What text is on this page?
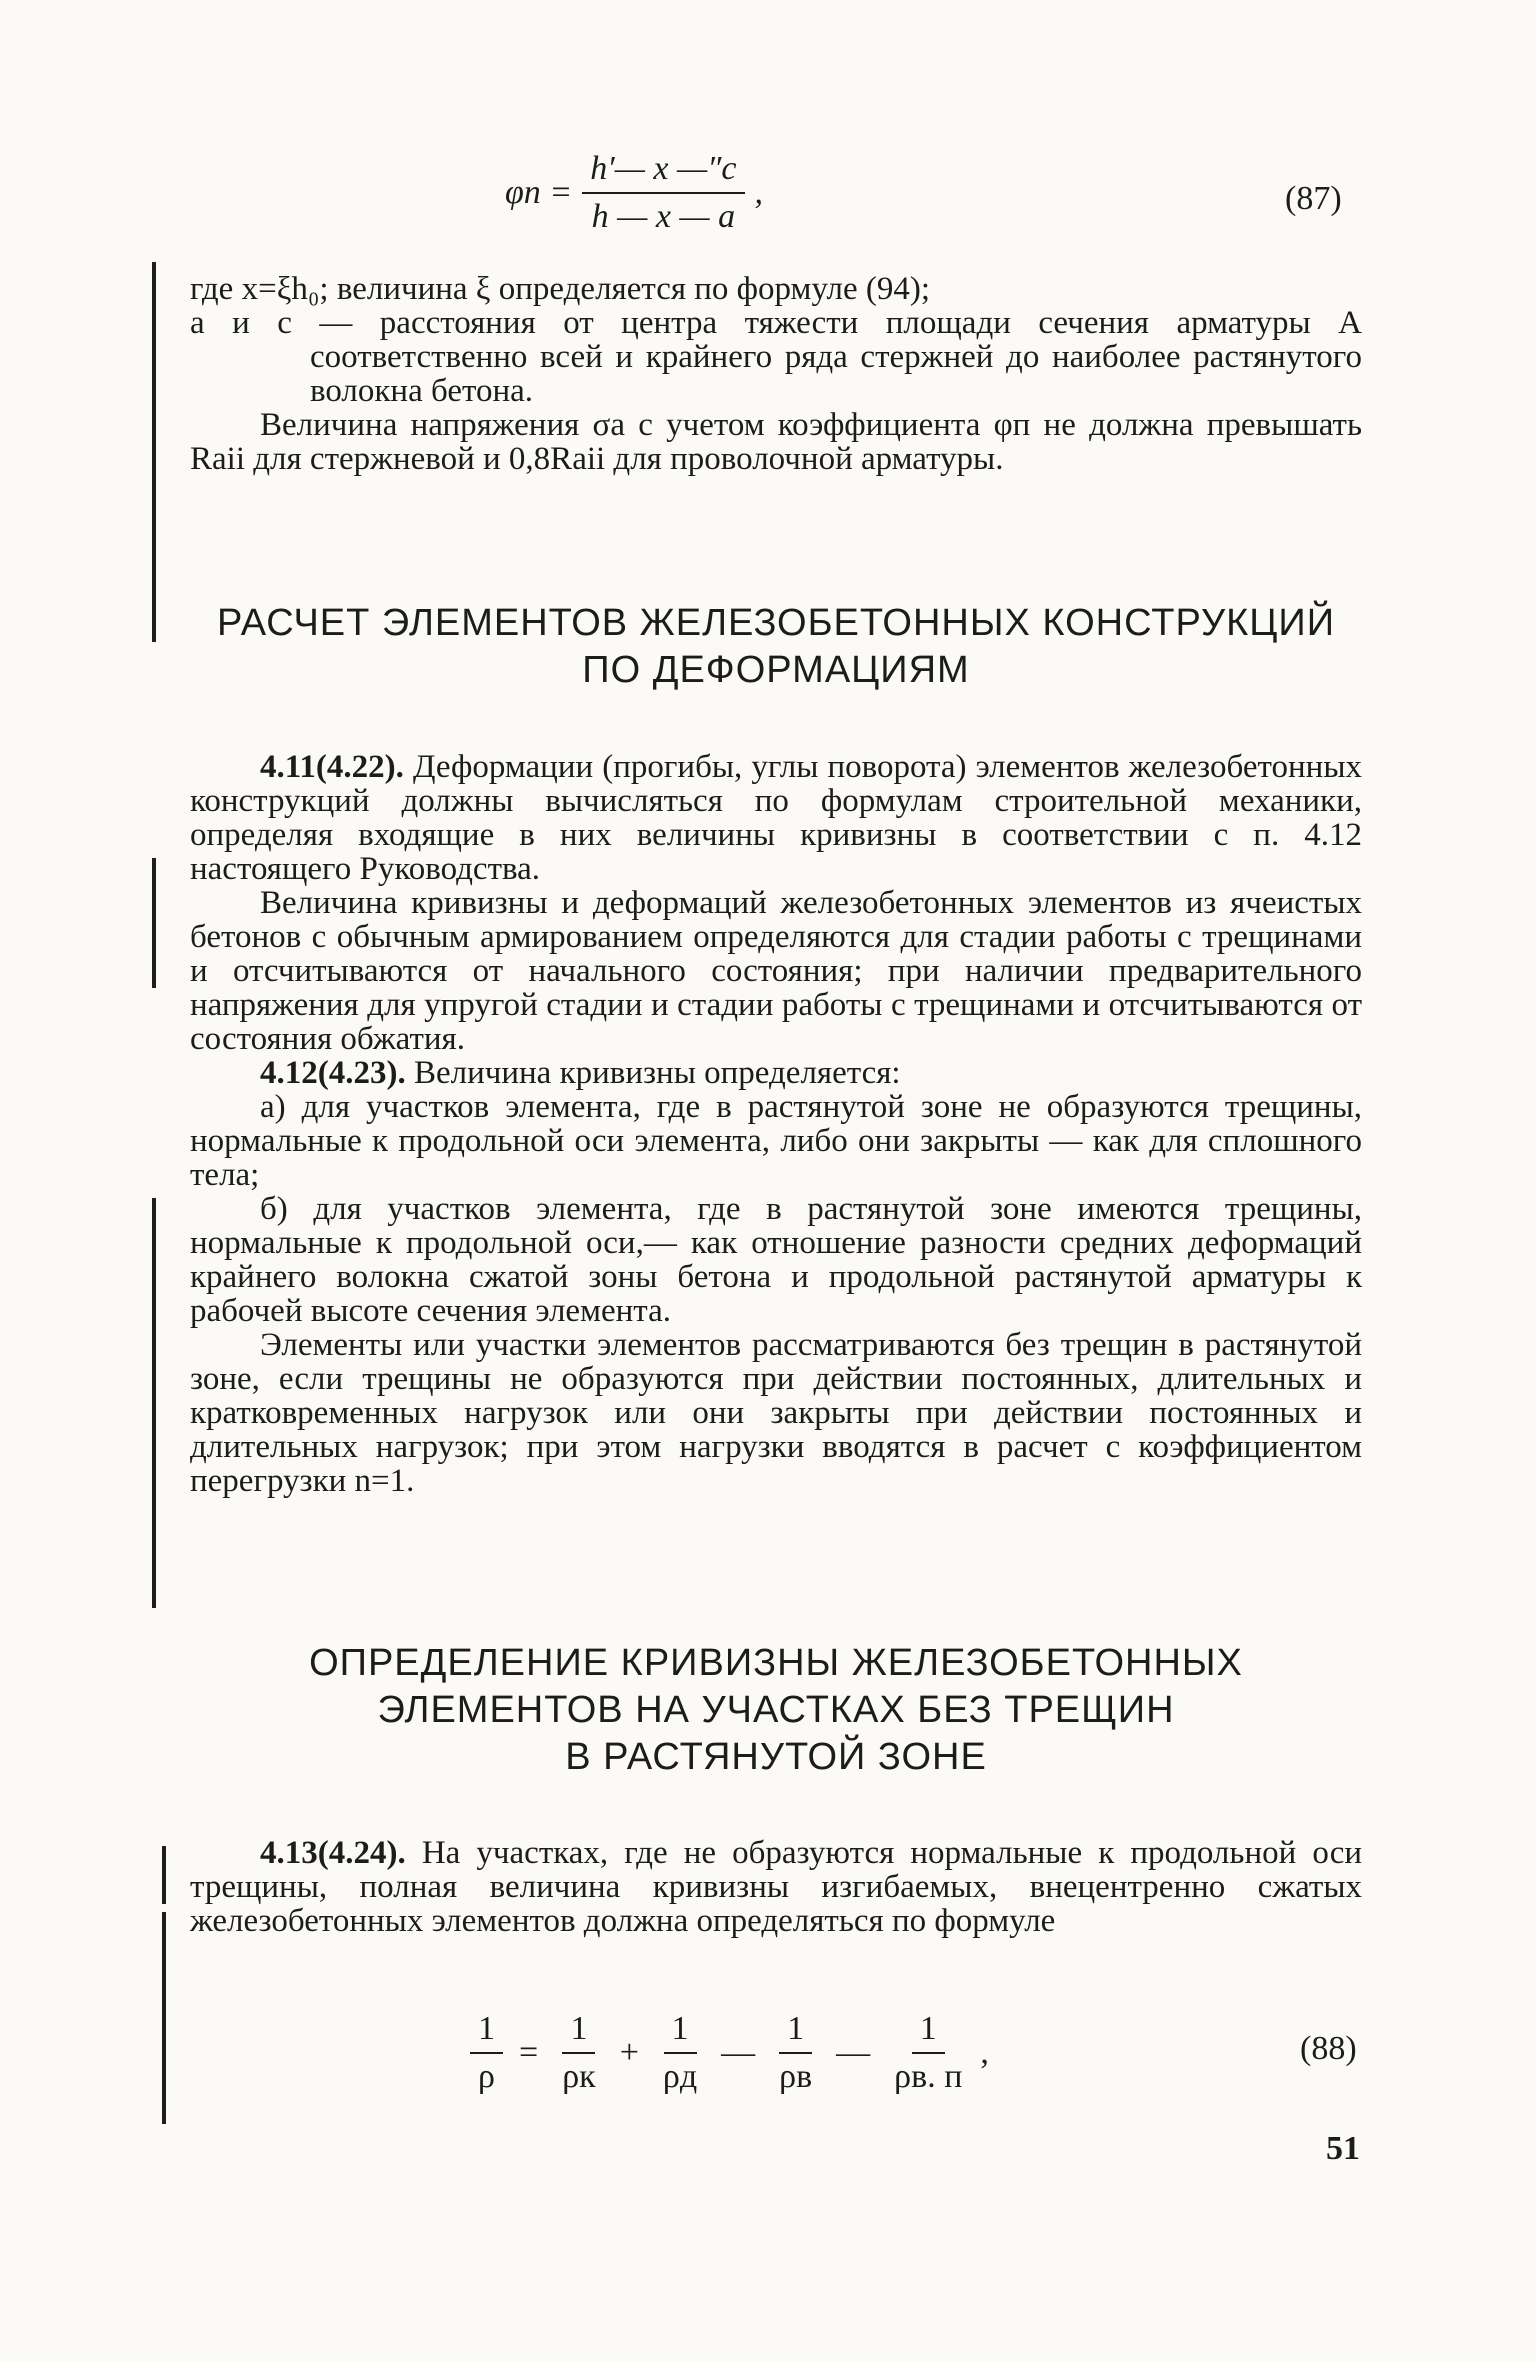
$\varphi п = \frac{h'— x —''c}{h — x — a}$ ,	(87)

где x=ξh₀; величина ξ определяется по формуле (94);

a и c — расстояния от центра тяжести площади сечения арматуры A соответственно всей и крайнего ряда стержней до наиболее растянутого волокна бетона.

Величина напряжения σа с учетом коэффициента φп не должна превышать Rаіі для стержневой и 0,8Rаіі для проволочной арматуры.

РАСЧЕТ ЭЛЕМЕНТОВ ЖЕЛЕЗОБЕТОННЫХ КОНСТРУКЦИЙ
ПО ДЕФОРМАЦИЯМ

4.11(4.22). Деформации (прогибы, углы поворота) элементов железобетонных конструкций должны вычисляться по формулам строительной механики, определяя входящие в них величины кривизны в соответствии с п. 4.12 настоящего Руководства.

Величина кривизны и деформаций железобетонных элементов из ячеистых бетонов с обычным армированием определяются для стадии работы с трещинами и отсчитываются от начального состояния; при наличии предварительного напряжения для упругой стадии и стадии работы с трещинами и отсчитываются от состояния обжатия.

4.12(4.23). Величина кривизны определяется:

а) для участков элемента, где в растянутой зоне не образуются трещины, нормальные к продольной оси элемента, либо они закрыты — как для сплошного тела;

б) для участков элемента, где в растянутой зоне имеются трещины, нормальные к продольной оси,— как отношение разности средних деформаций крайнего волокна сжатой зоны бетона и продольной растянутой арматуры к рабочей высоте сечения элемента.

Элементы или участки элементов рассматриваются без трещин в растянутой зоне, если трещины не образуются при действии постоянных, длительных и кратковременных нагрузок или они закрыты при действии постоянных и длительных нагрузок; при этом нагрузки вводятся в расчет с коэффициентом перегрузки n=1.

ОПРЕДЕЛЕНИЕ КРИВИЗНЫ ЖЕЛЕЗОБЕТОННЫХ
ЭЛЕМЕНТОВ НА УЧАСТКАХ БЕЗ ТРЕЩИН
В РАСТЯНУТОЙ ЗОНЕ

4.13(4.24). На участках, где не образуются нормальные к продольной оси трещины, полная величина кривизны изгибаемых, внецентренно сжатых железобетонных элементов должна определяться по формуле

$\frac{1}{\rho} = \frac{1}{\rho к} + \frac{1}{\rho д}$ — $\frac{1}{\rho в}$ — $\frac{1}{\rho в. п}$ ,	(88)
51
